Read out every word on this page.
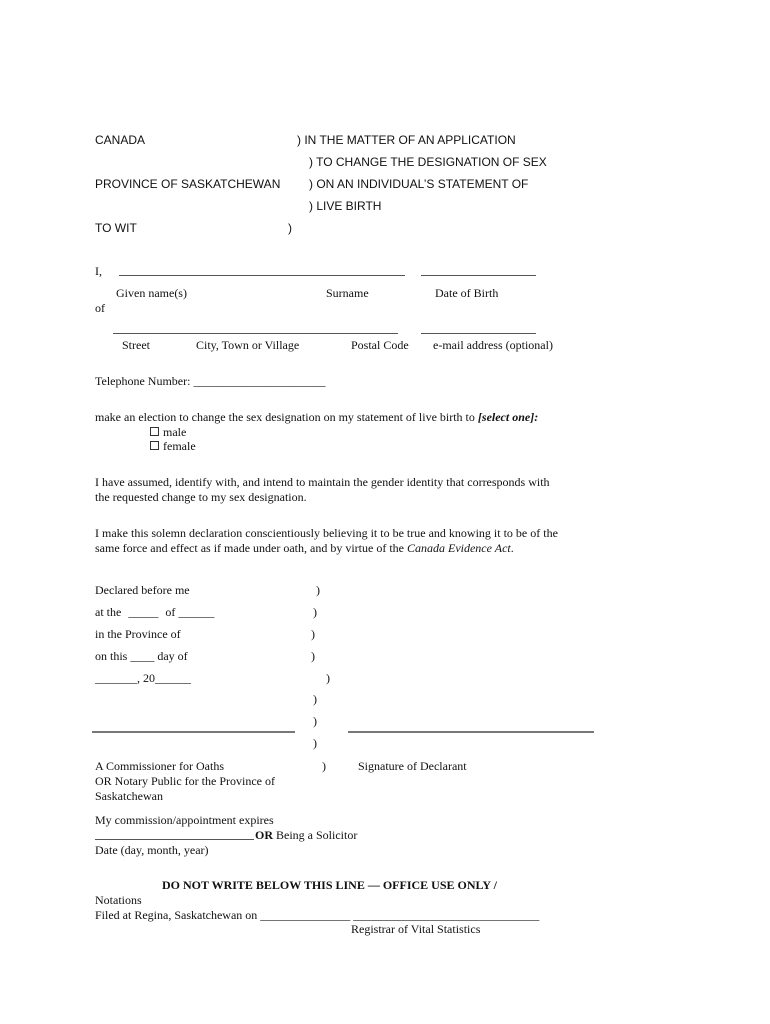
CANADA	) IN THE MATTER OF AN APPLICATION
) TO CHANGE THE DESIGNATION OF SEX
PROVINCE OF SASKATCHEWAN ) ON AN INDIVIDUAL’S STATEMENT OF
) LIVE BIRTH
TO WIT	)
I,
Given name(s)	Surname	Date of Birth
of
Street	City, Town or Village	Postal Code e-mail address (optional)
Telephone Number: ______________________
make an election to change the sex designation on my statement of live birth to [select one]:
male
female
I have assumed, identify with, and intend to maintain the gender identity that corresponds with
the requested change to my sex designation.
I make this solemn declaration conscientiously believing it to be true and knowing it to be of the
same force and effect as if made under oath, and by virtue of the Canada Evidence Act.
Declared before me	)
at the _____ of ______	)
in the Province of	)
on this ____ day of	)
_______, 20______	)
)
)
)
A Commissioner for Oaths	)	Signature of Declarant
OR Notary Public for the Province of
Saskatchewan
My commission/appointment expires
OR Being a Solicitor
Date (day, month, year)
DO NOT WRITE BELOW THIS LINE — OFFICE USE ONLY /
Notations
Filed at Regina, Saskatchewan on _______________ _______________________________
Registrar of Vital Statistics
